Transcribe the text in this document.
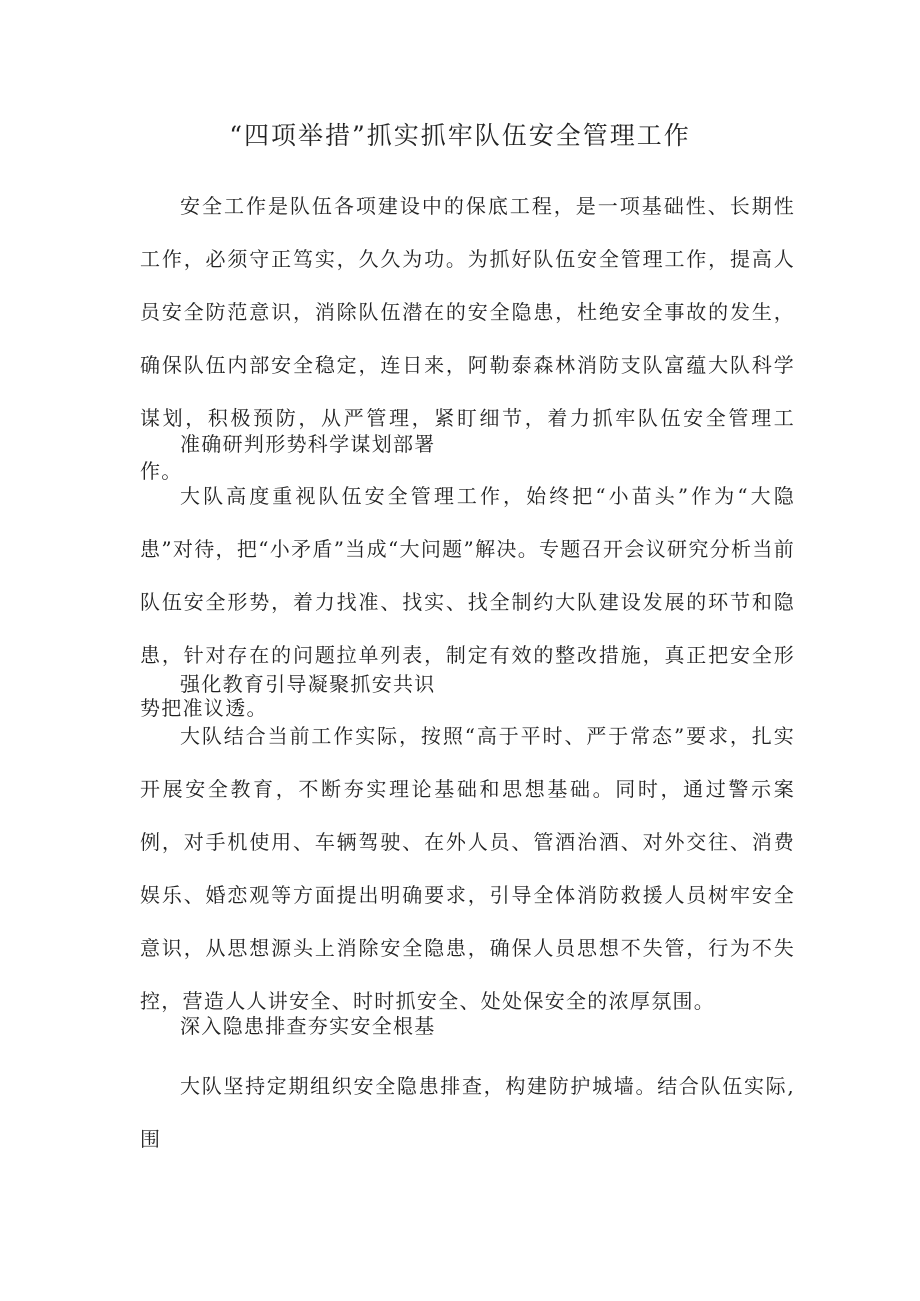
“四项举措”抓实抓牢队伍安全管理工作

安全工作是队伍各项建设中的保底工程，是一项基础性、长期性工作，必须守正笃实，久久为功。为抓好队伍安全管理工作，提高人员安全防范意识，消除队伍潜在的安全隐患，杜绝安全事故的发生，确保队伍内部安全稳定，连日来，阿勒泰森林消防支队富蕴大队科学谋划，积极预防，从严管理，紧盯细节，着力抓牢队伍安全管理工作。

准确研判形势科学谋划部署

大队高度重视队伍安全管理工作，始终把“小苗头”作为“大隐患”对待，把“小矛盾”当成“大问题”解决。专题召开会议研究分析当前队伍安全形势，着力找准、找实、找全制约大队建设发展的环节和隐患，针对存在的问题拉单列表，制定有效的整改措施，真正把安全形势把准议透。

强化教育引导凝聚抓安共识

大队结合当前工作实际，按照“高于平时、严于常态”要求，扎实开展安全教育，不断夯实理论基础和思想基础。同时，通过警示案例，对手机使用、车辆驾驶、在外人员、管酒治酒、对外交往、消费娱乐、婚恋观等方面提出明确要求，引导全体消防救援人员树牢安全意识，从思想源头上消除安全隐患，确保人员思想不失管，行为不失控，营造人人讲安全、时时抓安全、处处保安全的浓厚氛围。

深入隐患排查夯实安全根基

大队坚持定期组织安全隐患排查，构建防护城墙。结合队伍实际,围
